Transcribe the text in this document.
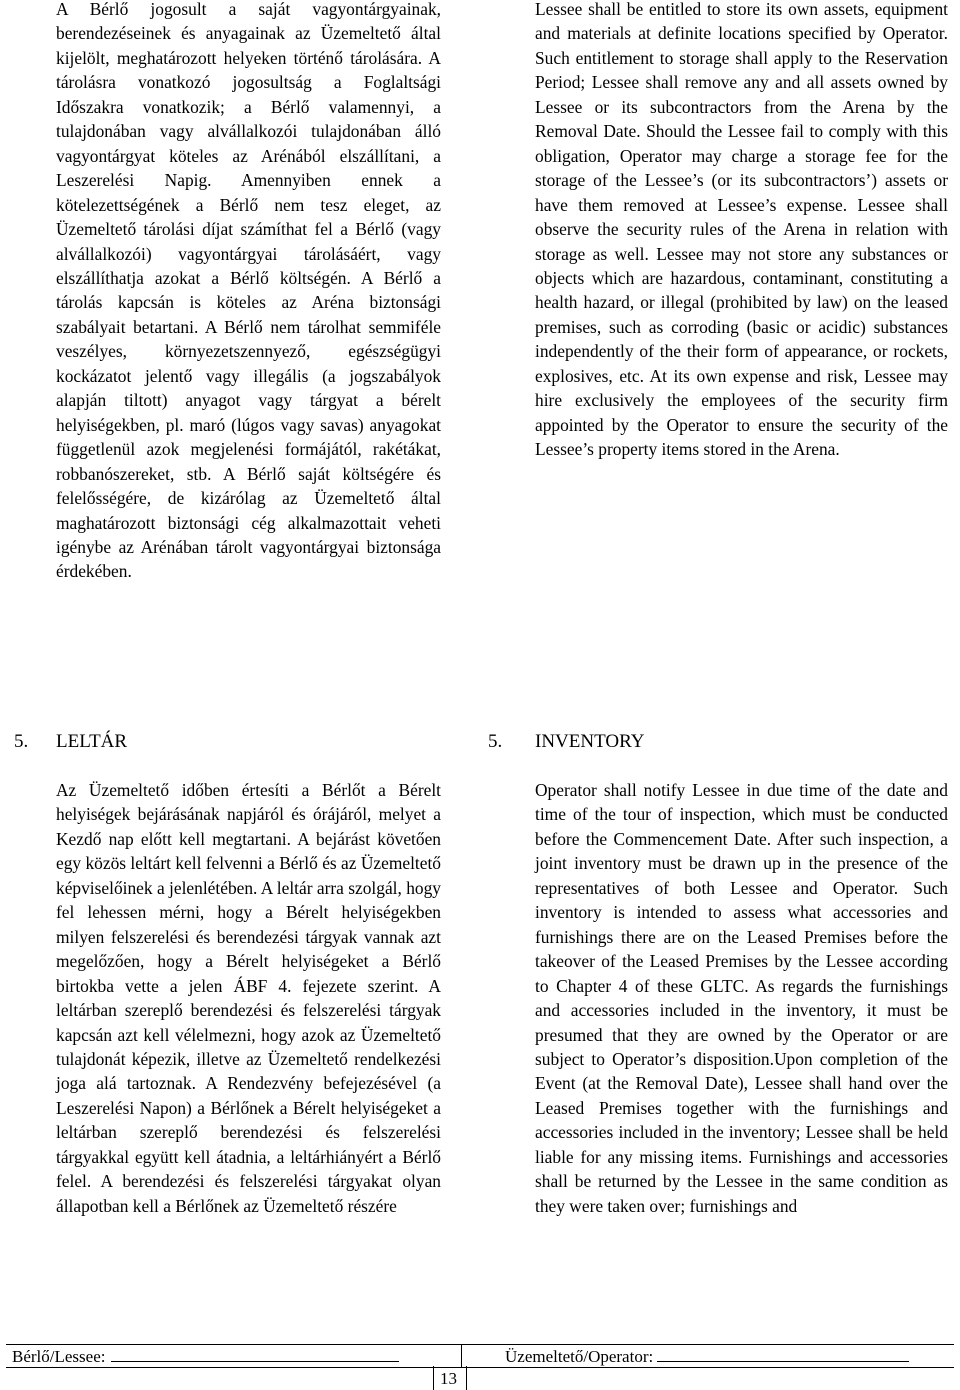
A Bérlő jogosult a saját vagyontárgyainak, berendezéseinek és anyagainak az Üzemeltető által kijelölt, meghatározott helyeken történő tárolására. A tárolásra vonatkozó jogosultság a Foglaltsági Időszakra vonatkozik; a Bérlő valamennyi, a tulajdonában vagy alvállalkozói tulajdonában álló vagyontárgyat köteles az Arénából elszállítani, a Leszerelési Napig. Amennyiben ennek a kötelezettségének a Bérlő nem tesz eleget, az Üzemeltető tárolási díjat számíthat fel a Bérlő (vagy alvállalkozói) vagyontárgyai tárolásáért, vagy elszállíthatja azokat a Bérlő költségén. A Bérlő a tárolás kapcsán is köteles az Aréna biztonsági szabályait betartani. A Bérlő nem tárolhat semmiféle veszélyes, környezetszennyező, egészségügyi kockázatot jelentő vagy illegális (a jogszabályok alapján tiltott) anyagot vagy tárgyat a bérelt helyiségekben, pl. maró (lúgos vagy savas) anyagokat függetlenül azok megjelenési formájától, rakétákat, robbanószereket, stb. A Bérlő saját költségére és felelősségére, de kizárólag az Üzemeltető által maghatározott biztonsági cég alkalmazottait veheti igénybe az Arénában tárolt vagyontárgyai biztonsága érdekében.

Lessee shall be entitled to store its own assets, equipment and materials at definite locations specified by Operator. Such entitlement to storage shall apply to the Reservation Period; Lessee shall remove any and all assets owned by Lessee or its subcontractors from the Arena by the Removal Date. Should the Lessee fail to comply with this obligation, Operator may charge a storage fee for the storage of the Lessee’s (or its subcontractors’) assets or have them removed at Lessee’s expense. Lessee shall observe the security rules of the Arena in relation with storage as well. Lessee may not store any substances or objects which are hazardous, contaminant, constituting a health hazard, or illegal (prohibited by law) on the leased premises, such as corroding (basic or acidic) substances independently of the their form of appearance, or rockets, explosives, etc. At its own expense and risk, Lessee may hire exclusively the employees of the security firm appointed by the Operator to ensure the security of the Lessee’s property items stored in the Arena.

5. LELTÁR	5. INVENTORY

Az Üzemeltető időben értesíti a Bérlőt a Bérelt helyiségek bejárásának napjáról és órájáról, melyet a Kezdő nap előtt kell megtartani. A bejárást követően egy közös leltárt kell felvenni a Bérlő és az Üzemeltető képviselőinek a jelenlétében. A leltár arra szolgál, hogy fel lehessen mérni, hogy a Bérelt helyiségekben milyen felszerelési és berendezési tárgyak vannak azt megelőzően, hogy a Bérelt helyiségeket a Bérlő birtokba vette a jelen ÁBF 4. fejezete szerint. A leltárban szereplő berendezési és felszerelési tárgyak kapcsán azt kell vélelmezni, hogy azok az Üzemeltető tulajdonát képezik, illetve az Üzemeltető rendelkezési joga alá tartoznak. A Rendezvény befejezésével (a Leszerelési Napon) a Bérlőnek a Bérelt helyiségeket a leltárban szereplő berendezési és felszerelési tárgyakkal együtt kell átadnia, a leltárhiányért a Bérlő felel. A berendezési és felszerelési tárgyakat olyan állapotban kell a Bérlőnek az Üzemeltető részére

Operator shall notify Lessee in due time of the date and time of the tour of inspection, which must be conducted before the Commencement Date. After such inspection, a joint inventory must be drawn up in the presence of the representatives of both Lessee and Operator. Such inventory is intended to assess what accessories and furnishings there are on the Leased Premises before the takeover of the Leased Premises by the Lessee according to Chapter 4 of these GLTC. As regards the furnishings and accessories included in the inventory, it must be presumed that they are owned by the Operator or are subject to Operator’s disposition.Upon completion of the Event (at the Removal Date), Lessee shall hand over the Leased Premises together with the furnishings and accessories included in the inventory; Lessee shall be held liable for any missing items. Furnishings and accessories shall be returned by the Lessee in the same condition as they were taken over; furnishings and

Bérlő/Lessee:	Üzemeltető/Operator:
13
